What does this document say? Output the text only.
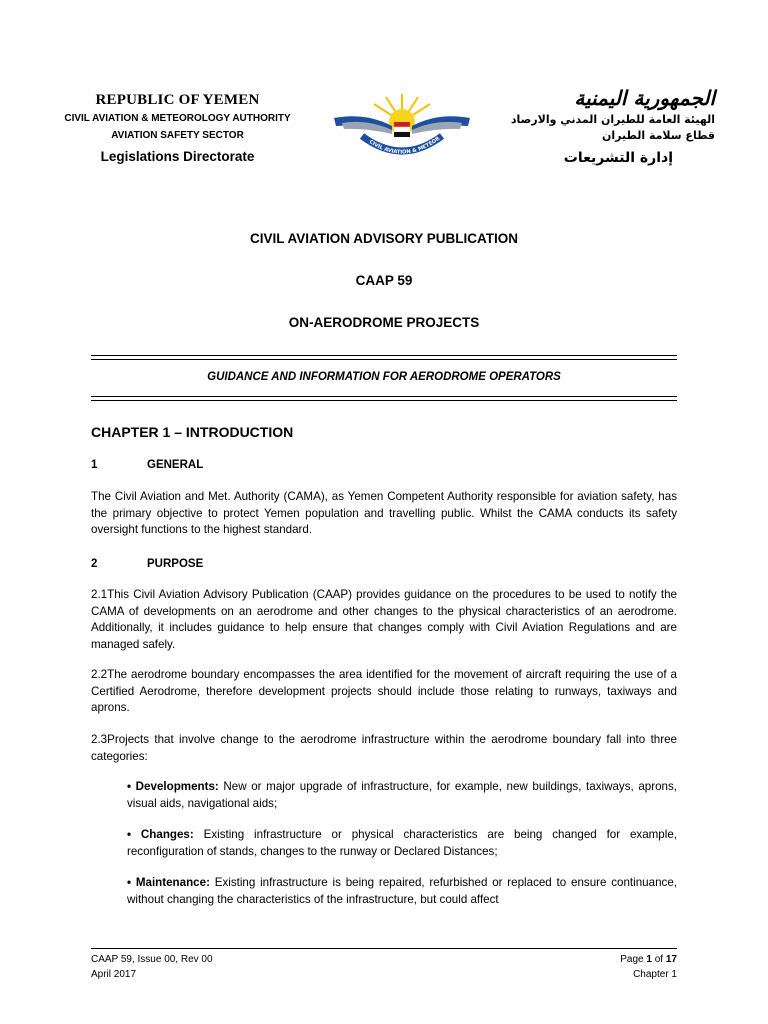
REPUBLIC OF YEMEN
CIVIL AVIATION & METEOROLOGY AUTHORITY
AVIATION SAFETY SECTOR
Legislations Directorate
CIVIL AVIATION & METEOR
الجمهورية اليمنية
الهيئة العامة للطيران المدني والارصاد
قطاع سلامة الطيران
إدارة التشريعات
CIVIL AVIATION ADVISORY PUBLICATION
CAAP 59
ON-AERODROME PROJECTS
GUIDANCE AND INFORMATION FOR AERODROME OPERATORS
CHAPTER 1 – INTRODUCTION
1	GENERAL
The Civil Aviation and Met. Authority (CAMA), as Yemen Competent Authority responsible for aviation safety, has the primary objective to protect Yemen population and travelling public. Whilst the CAMA conducts its safety oversight functions to the highest standard.
2	PURPOSE
2.1This Civil Aviation Advisory Publication (CAAP) provides guidance on the procedures to be used to notify the CAMA of developments on an aerodrome and other changes to the physical characteristics of an aerodrome. Additionally, it includes guidance to help ensure that changes comply with Civil Aviation Regulations and are managed safely.
2.2The aerodrome boundary encompasses the area identified for the movement of aircraft requiring the use of a Certified Aerodrome, therefore development projects should include those relating to runways, taxiways and aprons.
2.3Projects that involve change to the aerodrome infrastructure within the aerodrome boundary fall into three categories:
• Developments: New or major upgrade of infrastructure, for example, new buildings, taxiways, aprons, visual aids, navigational aids;
• Changes: Existing infrastructure or physical characteristics are being changed for example, reconfiguration of stands, changes to the runway or Declared Distances;
• Maintenance: Existing infrastructure is being repaired, refurbished or replaced to ensure continuance, without changing the characteristics of the infrastructure, but could affect
CAAP 59, Issue 00, Rev 00
April 2017
Page 1 of 17
Chapter 1
